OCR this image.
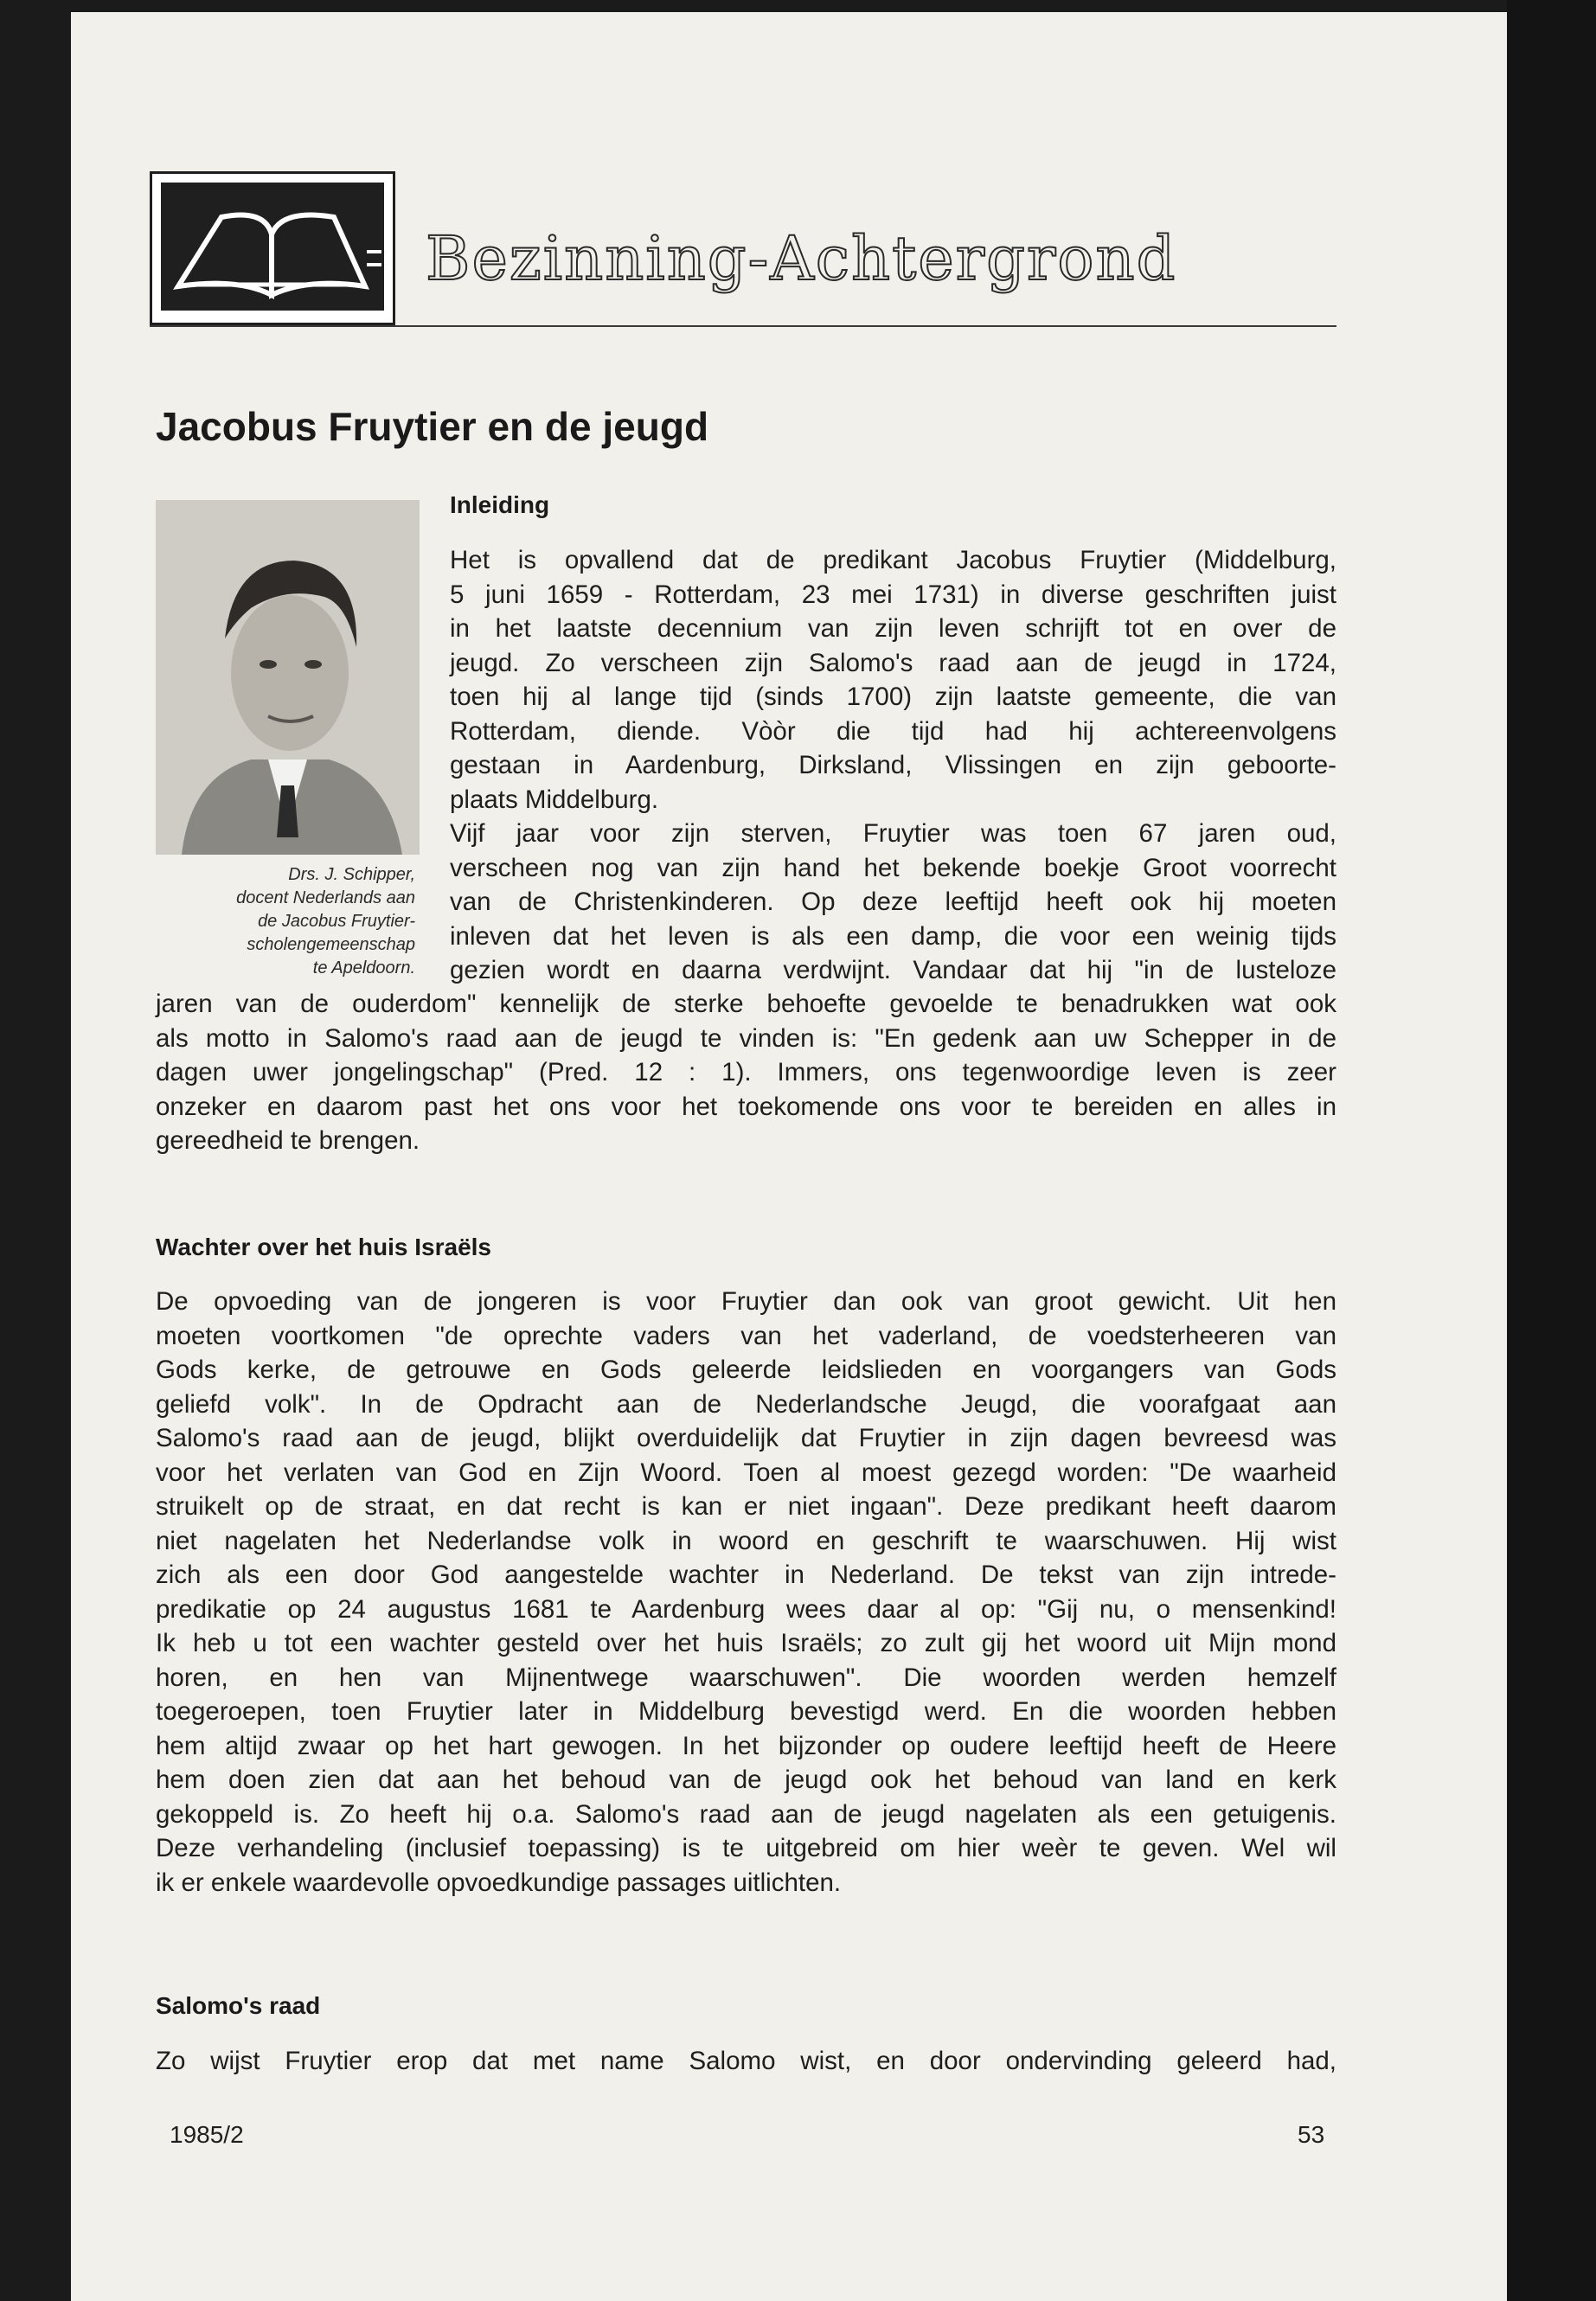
Bezinning-Achtergrond
Jacobus Fruytier en de jeugd
Drs. J. Schipper,
docent Nederlands aan
de Jacobus Fruytier-
scholengemeenschap
te Apeldoorn.
Inleiding
Het is opvallend dat de predikant Jacobus Fruytier (Middelburg,
5 juni 1659 - Rotterdam, 23 mei 1731) in diverse geschriften juist
in het laatste decennium van zijn leven schrijft tot en over de
jeugd. Zo verscheen zijn Salomo's raad aan de jeugd in 1724,
toen hij al lange tijd (sinds 1700) zijn laatste gemeente, die van
Rotterdam, diende. Vòòr die tijd had hij achtereenvolgens
gestaan in Aardenburg, Dirksland, Vlissingen en zijn geboorte-
plaats Middelburg.
Vijf jaar voor zijn sterven, Fruytier was toen 67 jaren oud,
verscheen nog van zijn hand het bekende boekje Groot voorrecht
van de Christenkinderen. Op deze leeftijd heeft ook hij moeten
inleven dat het leven is als een damp, die voor een weinig tijds
gezien wordt en daarna verdwijnt. Vandaar dat hij "in de lusteloze
jaren van de ouderdom" kennelijk de sterke behoefte gevoelde te benadrukken wat ook
als motto in Salomo's raad aan de jeugd te vinden is: "En gedenk aan uw Schepper in de
dagen uwer jongelingschap" (Pred. 12 : 1). Immers, ons tegenwoordige leven is zeer
onzeker en daarom past het ons voor het toekomende ons voor te bereiden en alles in
gereedheid te brengen.
Wachter over het huis Israëls
De opvoeding van de jongeren is voor Fruytier dan ook van groot gewicht. Uit hen
moeten voortkomen "de oprechte vaders van het vaderland, de voedsterheeren van
Gods kerke, de getrouwe en Gods geleerde leidslieden en voorgangers van Gods
geliefd volk". In de Opdracht aan de Nederlandsche Jeugd, die voorafgaat aan
Salomo's raad aan de jeugd, blijkt overduidelijk dat Fruytier in zijn dagen bevreesd was
voor het verlaten van God en Zijn Woord. Toen al moest gezegd worden: "De waarheid
struikelt op de straat, en dat recht is kan er niet ingaan". Deze predikant heeft daarom
niet nagelaten het Nederlandse volk in woord en geschrift te waarschuwen. Hij wist
zich als een door God aangestelde wachter in Nederland. De tekst van zijn intrede-
predikatie op 24 augustus 1681 te Aardenburg wees daar al op: "Gij nu, o mensenkind!
Ik heb u tot een wachter gesteld over het huis Israëls; zo zult gij het woord uit Mijn mond
horen, en hen van Mijnentwege waarschuwen". Die woorden werden hemzelf
toegeroepen, toen Fruytier later in Middelburg bevestigd werd. En die woorden hebben
hem altijd zwaar op het hart gewogen. In het bijzonder op oudere leeftijd heeft de Heere
hem doen zien dat aan het behoud van de jeugd ook het behoud van land en kerk
gekoppeld is. Zo heeft hij o.a. Salomo's raad aan de jeugd nagelaten als een getuigenis.
Deze verhandeling (inclusief toepassing) is te uitgebreid om hier weèr te geven. Wel wil
ik er enkele waardevolle opvoedkundige passages uitlichten.
Salomo's raad
Zo wijst Fruytier erop dat met name Salomo wist, en door ondervinding geleerd had,
1985/2	53
